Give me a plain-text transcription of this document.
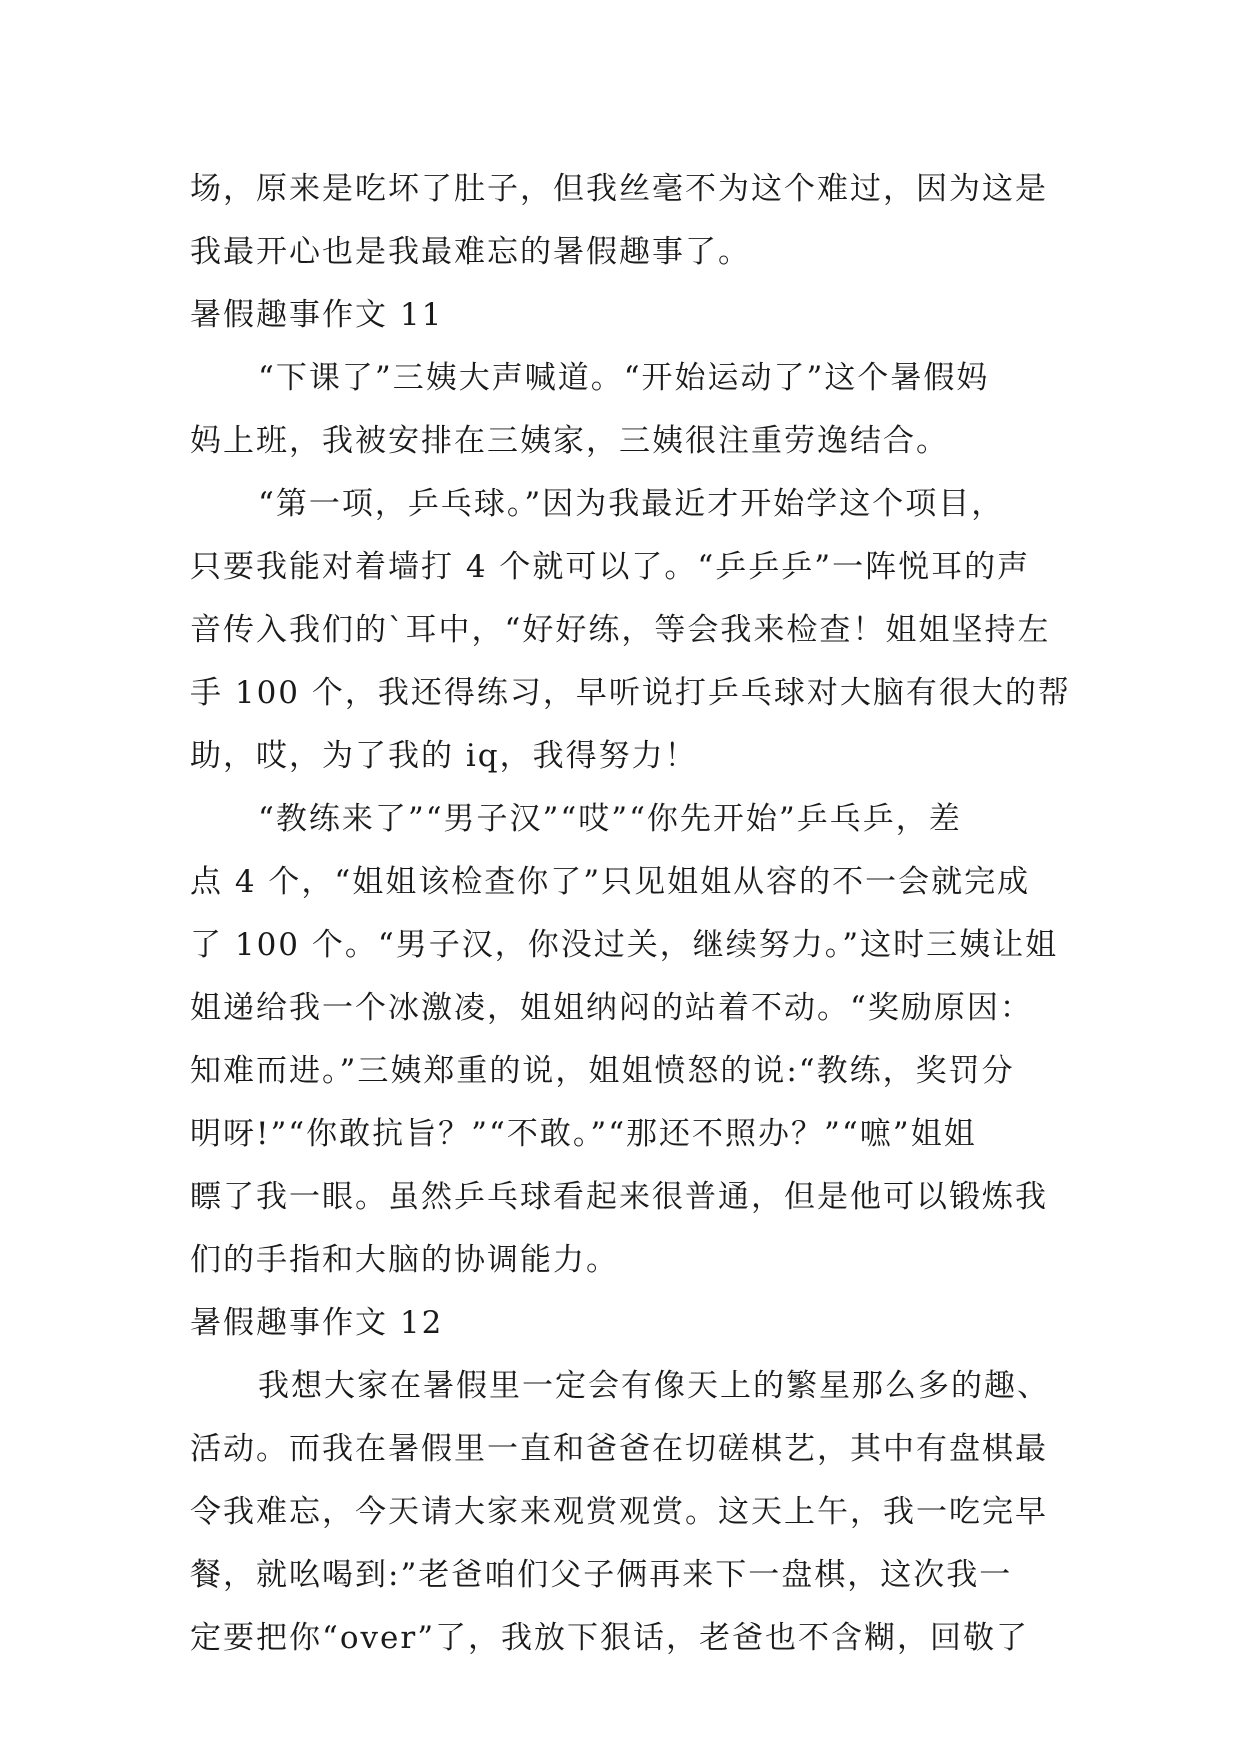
场，原来是吃坏了肚子，但我丝毫不为这个难过，因为这是
我最开心也是我最难忘的暑假趣事了。
暑假趣事作文 11
“下课了”三姨大声喊道。“开始运动了”这个暑假妈
妈上班，我被安排在三姨家，三姨很注重劳逸结合。
“第一项，乒乓球。”因为我最近才开始学这个项目，
只要我能对着墙打 4 个就可以了。“乒乒乒”一阵悦耳的声
音传入我们的`耳中，“好好练，等会我来检查！姐姐坚持左
手 100 个，我还得练习，早听说打乒乓球对大脑有很大的帮
助，哎，为了我的 iq，我得努力！
“教练来了”“男子汉”“哎”“你先开始”乒乓乒，差
点 4 个，“姐姐该检查你了”只见姐姐从容的不一会就完成
了 100 个。“男子汉，你没过关，继续努力。”这时三姨让姐
姐递给我一个冰激凌，姐姐纳闷的站着不动。“奖励原因：
知难而进。”三姨郑重的说，姐姐愤怒的说:“教练，奖罚分
明呀!”“你敢抗旨？”“不敢。”“那还不照办？”“嗻”姐姐
瞟了我一眼。虽然乒乓球看起来很普通，但是他可以锻炼我
们的手指和大脑的协调能力。
暑假趣事作文 12
我想大家在暑假里一定会有像天上的繁星那么多的趣、
活动。而我在暑假里一直和爸爸在切磋棋艺，其中有盘棋最
令我难忘，今天请大家来观赏观赏。这天上午，我一吃完早
餐，就吆喝到:”老爸咱们父子俩再来下一盘棋，这次我一
定要把你“over”了，我放下狠话，老爸也不含糊，回敬了
